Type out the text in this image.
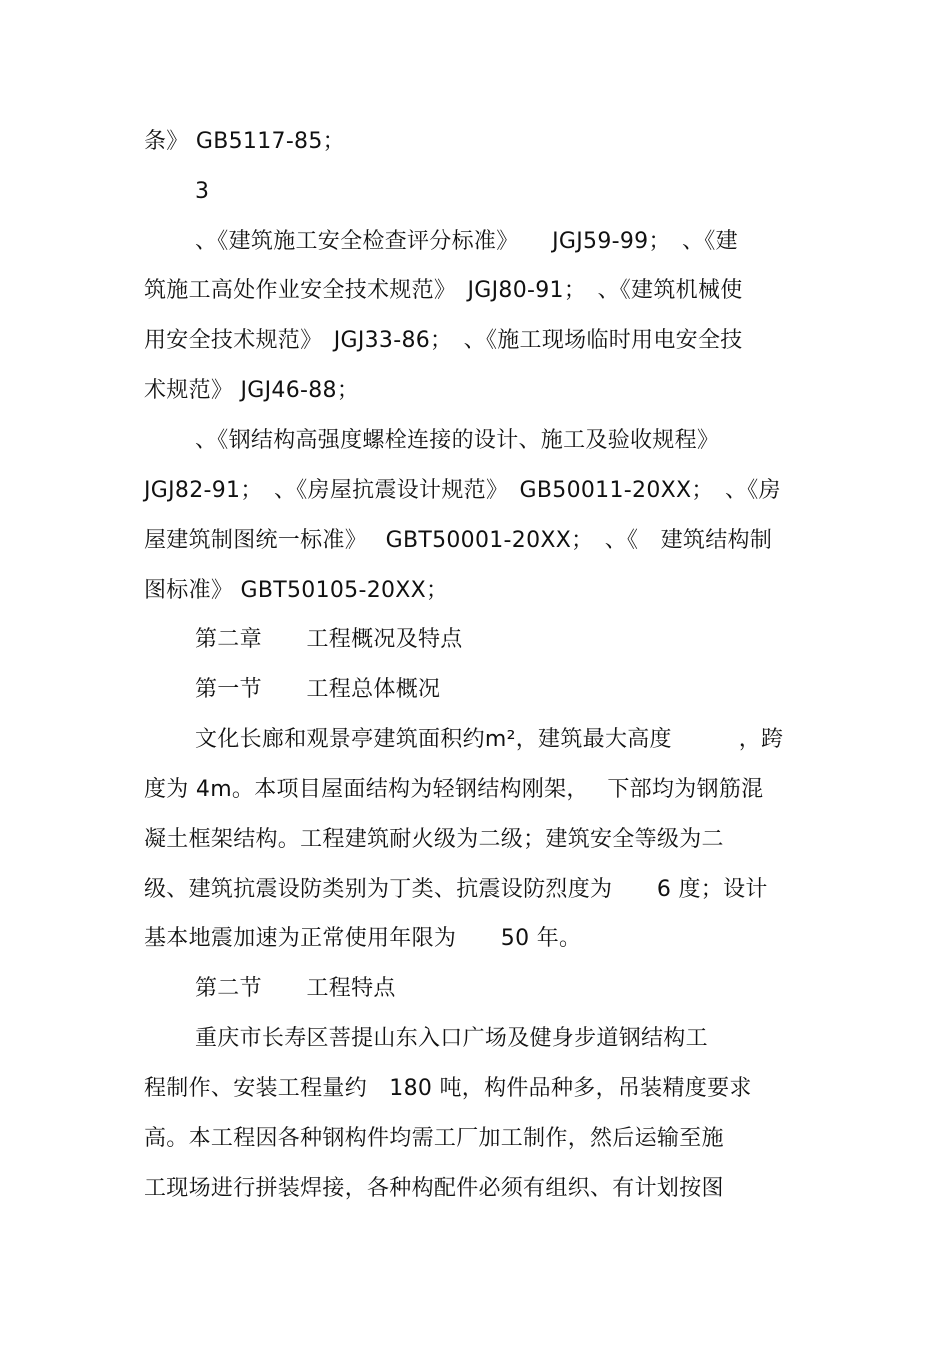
条》 GB5117-85；
3
、《建筑施工安全检查评分标准》　　JGJ59-99；　、《建
筑施工高处作业安全技术规范》　JGJ80-91；　、《建筑机械使
用安全技术规范》　JGJ33-86；　、《施工现场临时用电安全技
术规范》 JGJ46-88；
、《钢结构高强度螺栓连接的设计、施工及验收规程》
JGJ82-91；　、《房屋抗震设计规范》　GB50011-20XX；　、《房
屋建筑制图统一标准》　 GBT50001-20XX；　、《　建筑结构制
图标准》 GBT50105-20XX；
第二章　　工程概况及特点
第一节　　工程总体概况
文化长廊和观景亭建筑面积约m²，建筑最大高度　　　，跨
度为 4m。本项目屋面结构为轻钢结构刚架，　 下部均为钢筋混
凝土框架结构。工程建筑耐火级为二级；建筑安全等级为二
级、建筑抗震设防类别为丁类、抗震设防烈度为　　6 度；设计
基本地震加速为正常使用年限为　　50 年。
第二节　　工程特点
重庆市长寿区菩提山东入口广场及健身步道钢结构工
程制作、安装工程量约　180 吨，构件品种多，吊装精度要求
高。本工程因各种钢构件均需工厂加工制作，然后运输至施
工现场进行拼装焊接，各种构配件必须有组织、有计划按图
